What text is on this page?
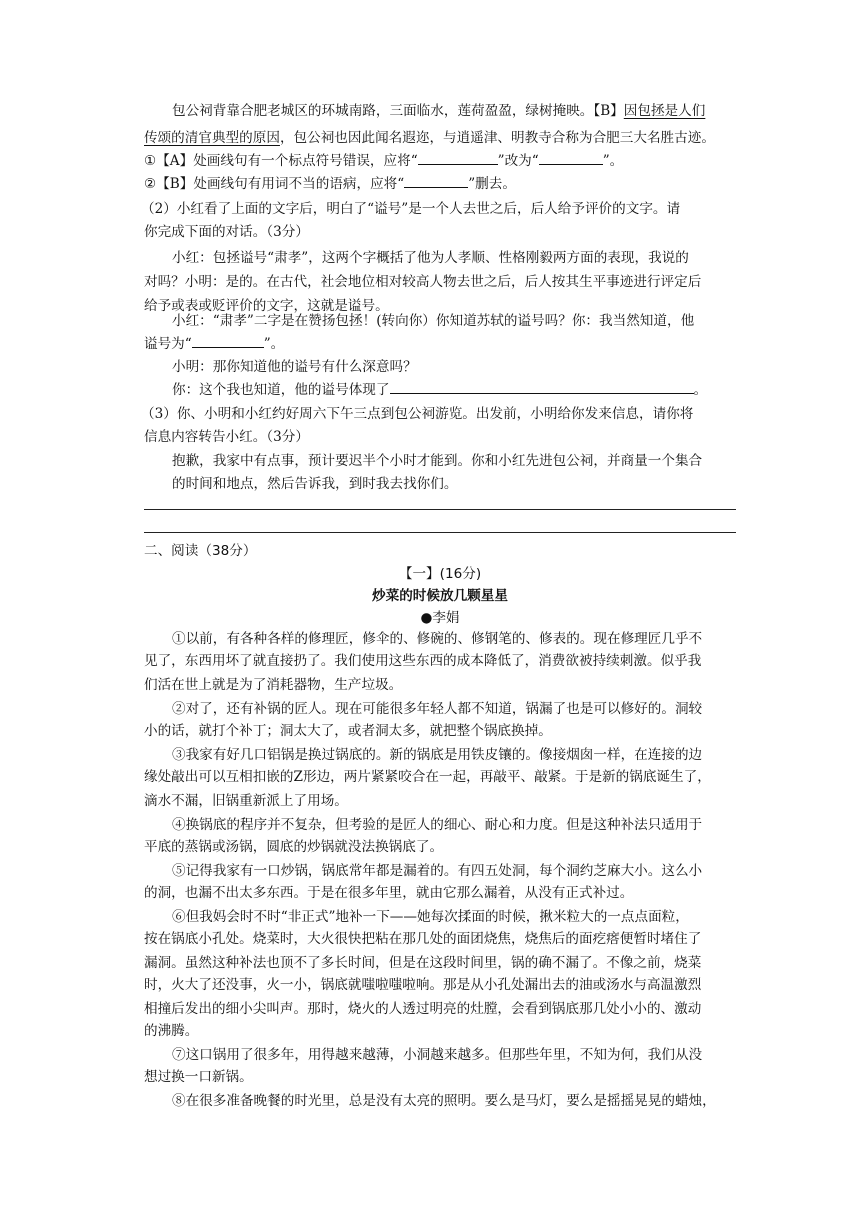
包公祠背靠合肥老城区的环城南路，三面临水，莲荷盈盈，绿树掩映。【B】因包拯是人们
传颂的清官典型的原因，包公祠也因此闻名遐迩，与逍遥津、明教寺合称为合肥三大名胜古迹。
①【A】处画线句有一个标点符号错误，应将“	”改为“	”。
②【B】处画线句有用词不当的语病，应将“	”删去。
（2）小红看了上面的文字后，明白了“谥号”是一个人去世之后，后人给予评价的文字。请
你完成下面的对话。（3分）
小红：包拯谥号“肃孝”，这两个字概括了他为人孝顺、性格刚毅两方面的表现，我说的
对吗？小明：是的。在古代，社会地位相对较高人物去世之后，后人按其生平事迹进行评定后
给予或表或贬评价的文字，这就是谥号。
小红：“肃孝”二字是在赞扬包拯！(转向你）你知道苏轼的谥号吗？你：我当然知道，他
谥号为“	”。
小明：那你知道他的谥号有什么深意吗？
你：这个我也知道，他的谥号体现了	。
（3）你、小明和小红约好周六下午三点到包公祠游览。出发前，小明给你发来信息，请你将
信息内容转告小红。（3分）
抱歉，我家中有点事，预计要迟半个小时才能到。你和小红先进包公祠，并商量一个集合
的时间和地点，然后告诉我，到时我去找你们。
二、阅读（38分）
【一】(16分)
炒菜的时候放几颗星星
●李娟
①以前，有各种各样的修理匠，修伞的、修碗的、修钢笔的、修表的。现在修理匠几乎不
见了，东西用坏了就直接扔了。我们使用这些东西的成本降低了，消费欲被持续刺激。似乎我
们活在世上就是为了消耗器物，生产垃圾。
②对了，还有补锅的匠人。现在可能很多年轻人都不知道，锅漏了也是可以修好的。洞较
小的话，就打个补丁；洞太大了，或者洞太多，就把整个锅底换掉。
③我家有好几口铝锅是换过锅底的。新的锅底是用铁皮镶的。像接烟囱一样，在连接的边
缘处敲出可以互相扣嵌的Z形边，两片紧紧咬合在一起，再敲平、敲紧。于是新的锅底诞生了，
滴水不漏，旧锅重新派上了用场。
④换锅底的程序并不复杂，但考验的是匠人的细心、耐心和力度。但是这种补法只适用于
平底的蒸锅或汤锅，圆底的炒锅就没法换锅底了。
⑤记得我家有一口炒锅，锅底常年都是漏着的。有四五处洞，每个洞约芝麻大小。这么小
的洞，也漏不出太多东西。于是在很多年里，就由它那么漏着，从没有正式补过。
⑥但我妈会时不时“非正式”地补一下——她每次揉面的时候，揪米粒大的一点点面粒，
按在锅底小孔处。烧菜时，大火很快把粘在那几处的面团烧焦，烧焦后的面疙瘩便暂时堵住了
漏洞。虽然这种补法也顶不了多长时间，但是在这段时间里，锅的确不漏了。不像之前，烧菜
时，火大了还没事，火一小，锅底就嗤啦嗤啦响。那是从小孔处漏出去的油或汤水与高温激烈
相撞后发出的细小尖叫声。那时，烧火的人透过明亮的灶膛，会看到锅底那几处小小的、激动
的沸腾。
⑦这口锅用了很多年，用得越来越薄，小洞越来越多。但那些年里，不知为何，我们从没
想过换一口新锅。
⑧在很多准备晚餐的时光里，总是没有太亮的照明。要么是马灯，要么是摇摇晃晃的蜡烛，
